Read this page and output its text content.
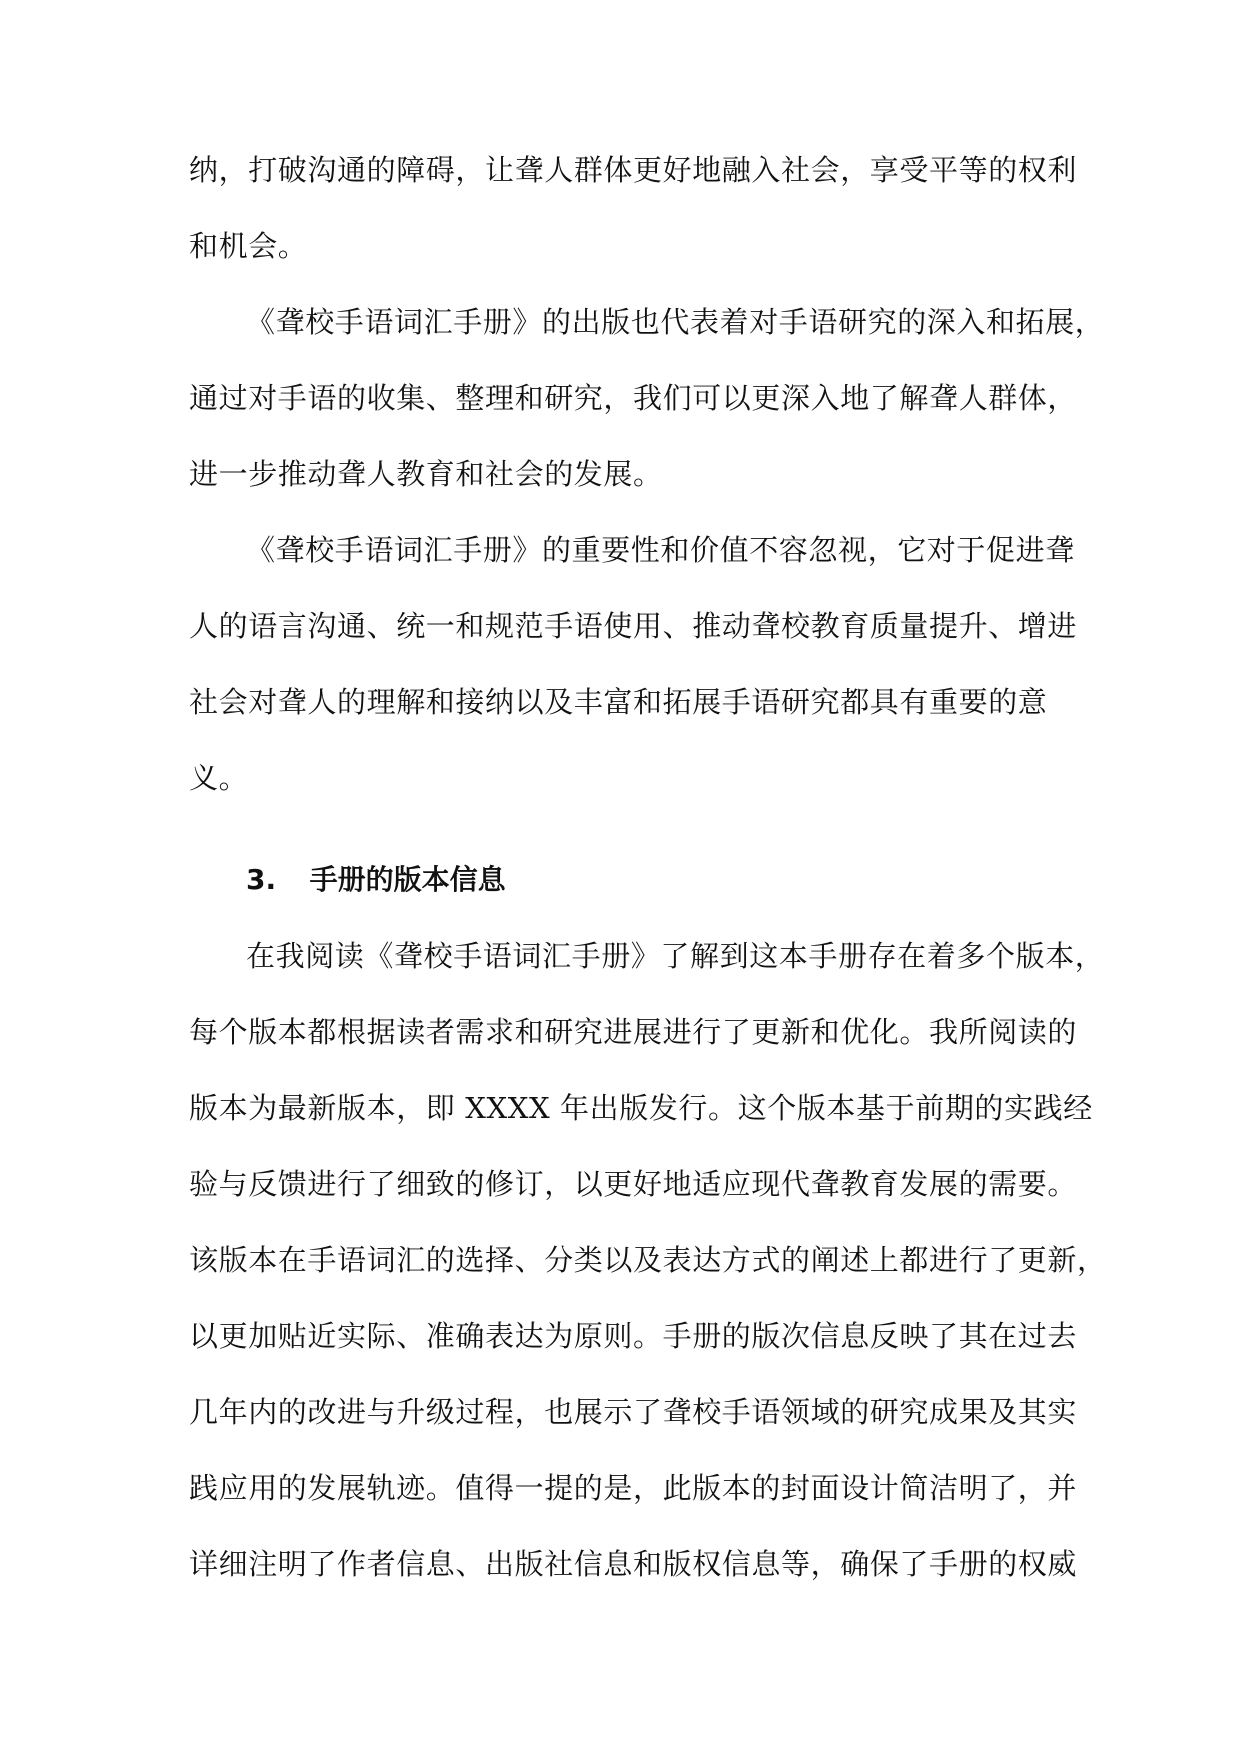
纳，打破沟通的障碍，让聋人群体更好地融入社会，享受平等的权利
和机会。
《聋校手语词汇手册》的出版也代表着对手语研究的深入和拓展，
通过对手语的收集、整理和研究，我们可以更深入地了解聋人群体，
进一步推动聋人教育和社会的发展。
《聋校手语词汇手册》的重要性和价值不容忽视，它对于促进聋
人的语言沟通、统一和规范手语使用、推动聋校教育质量提升、增进
社会对聋人的理解和接纳以及丰富和拓展手语研究都具有重要的意
义。
3. 手册的版本信息
在我阅读《聋校手语词汇手册》了解到这本手册存在着多个版本，
每个版本都根据读者需求和研究进展进行了更新和优化。我所阅读的
版本为最新版本，即 XXXX 年出版发行。这个版本基于前期的实践经
验与反馈进行了细致的修订，以更好地适应现代聋教育发展的需要。
该版本在手语词汇的选择、分类以及表达方式的阐述上都进行了更新，
以更加贴近实际、准确表达为原则。手册的版次信息反映了其在过去
几年内的改进与升级过程，也展示了聋校手语领域的研究成果及其实
践应用的发展轨迹。值得一提的是，此版本的封面设计简洁明了，并
详细注明了作者信息、出版社信息和版权信息等，确保了手册的权威
